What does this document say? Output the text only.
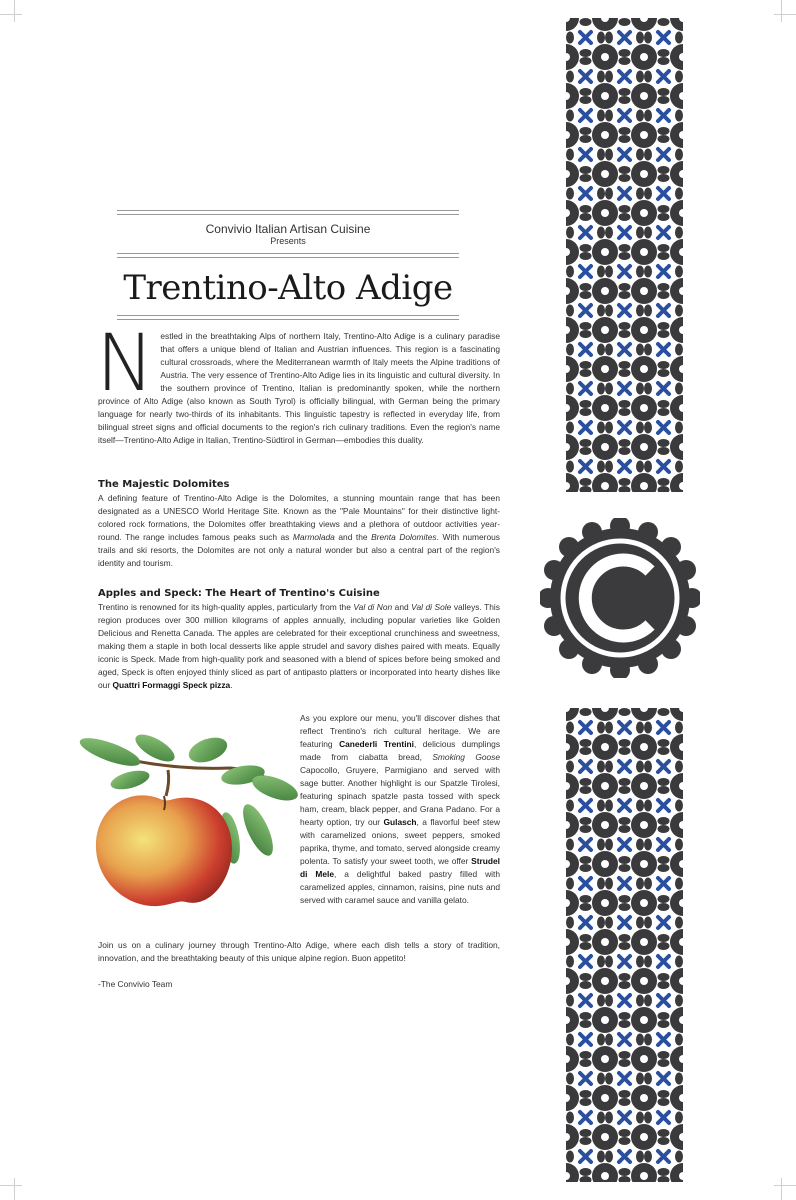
Convivio Italian Artisan Cuisine
Presents
Trentino-Alto Adige
N estled in the breathtaking Alps of northern Italy, Trentino-Alto Adige is a culinary paradise that offers a unique blend of Italian and Austrian influences. This region is a fascinating cultural crossroads, where the Mediterranean warmth of Italy meets the Alpine traditions of Austria. The very essence of Trentino-Alto Adige lies in its linguistic and cultural diversity. In the southern province of Trentino, Italian is predominantly spoken, while the northern province of Alto Adige (also known as South Tyrol) is officially bilingual, with German being the primary language for nearly two-thirds of its inhabitants. This linguistic tapestry is reflected in everyday life, from bilingual street signs and official documents to the region's rich culinary traditions. Even the region's name itself—Trentino-Alto Adige in Italian, Trentino-Südtirol in German—embodies this duality.

The Majestic Dolomites

A defining feature of Trentino-Alto Adige is the Dolomites, a stunning mountain range that has been designated as a UNESCO World Heritage Site. Known as the "Pale Mountains" for their distinctive light-colored rock formations, the Dolomites offer breathtaking views and a plethora of outdoor activities year-round. The range includes famous peaks such as Marmolada and the Brenta Dolomites. With numerous trails and ski resorts, the Dolomites are not only a natural wonder but also a central part of the region's identity and tourism.

Apples and Speck: The Heart of Trentino's Cuisine

Trentino is renowned for its high-quality apples, particularly from the Val di Non and Val di Sole valleys. This region produces over 300 million kilograms of apples annually, including popular varieties like Golden Delicious and Renetta Canada. The apples are celebrated for their exceptional crunchiness and sweetness, making them a staple in both local desserts like apple strudel and savory dishes paired with meats. Equally iconic is Speck. Made from high-quality pork and seasoned with a blend of spices before being smoked and aged, Speck is often enjoyed thinly sliced as part of antipasto platters or incorporated into hearty dishes like our Quattri Formaggi Speck pizza.

As you explore our menu, you'll discover dishes that reflect Trentino's rich cultural heritage. We are featuring Canederli Trentini, delicious dumplings made from ciabatta bread, Smoking Goose Capocollo, Gruyere, Parmigiano and served with sage butter. Another highlight is our Spatzle Tirolesi, featuring spinach spatzle pasta tossed with speck ham, cream, black pepper, and Grana Padano. For a hearty option, try our Gulasch, a flavorful beef stew with caramelized onions, sweet peppers, smoked paprika, thyme, and tomato, served alongside creamy polenta. To satisfy your sweet tooth, we offer Strudel di Mele, a delightful baked pastry filled with caramelized apples, cinnamon, raisins, pine nuts and served with caramel sauce and vanilla gelato.

Join us on a culinary journey through Trentino-Alto Adige, where each dish tells a story of tradition, innovation, and the breathtaking beauty of this unique alpine region. Buon appetito!

-The Convivio Team
